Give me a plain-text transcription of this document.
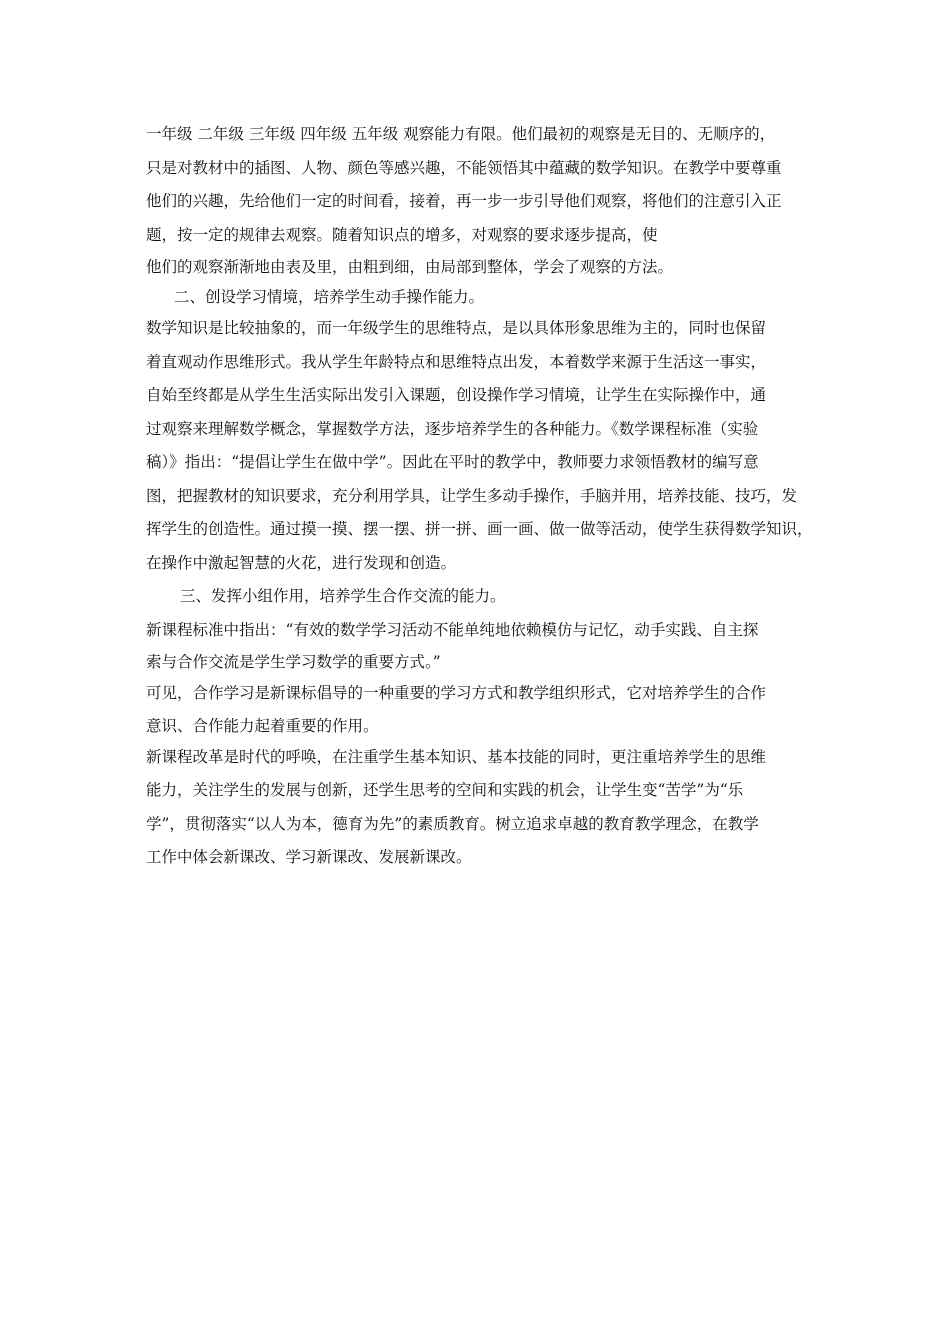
一年级 二年级 三年级 四年级 五年级 观察能力有限。他们最初的观察是无目的、无顺序的，
只是对教材中的插图、人物、颜色等感兴趣，不能领悟其中蕴藏的数学知识。在教学中要尊重
他们的兴趣，先给他们一定的时间看，接着，再一步一步引导他们观察，将他们的注意引入正
题，按一定的规律去观察。随着知识点的增多，对观察的要求逐步提高，使
他们的观察渐渐地由表及里，由粗到细，由局部到整体，学会了观察的方法。
二、创设学习情境，培养学生动手操作能力。
数学知识是比较抽象的，而一年级学生的思维特点，是以具体形象思维为主的，同时也保留
着直观动作思维形式。我从学生年龄特点和思维特点出发，本着数学来源于生活这一事实，
自始至终都是从学生生活实际出发引入课题，创设操作学习情境，让学生在实际操作中，通
过观察来理解数学概念，掌握数学方法，逐步培养学生的各种能力。《数学课程标准（实验
稿）》指出：“提倡让学生在做中学”。因此在平时的教学中，教师要力求领悟教材的编写意
图，把握教材的知识要求，充分利用学具，让学生多动手操作，手脑并用，培养技能、技巧，发
挥学生的创造性。通过摸一摸、摆一摆、拼一拼、画一画、做一做等活动，使学生获得数学知识，
在操作中激起智慧的火花，进行发现和创造。
三、发挥小组作用，培养学生合作交流的能力。
新课程标准中指出：“有效的数学学习活动不能单纯地依赖模仿与记忆，动手实践、自主探
索与合作交流是学生学习数学的重要方式。”
可见，合作学习是新课标倡导的一种重要的学习方式和教学组织形式，它对培养学生的合作
意识、合作能力起着重要的作用。
新课程改革是时代的呼唤，在注重学生基本知识、基本技能的同时，更注重培养学生的思维
能力，关注学生的发展与创新，还学生思考的空间和实践的机会，让学生变“苦学”为“乐
学”，贯彻落实“以人为本，德育为先”的素质教育。树立追求卓越的教育教学理念，在教学
工作中体会新课改、学习新课改、发展新课改。
